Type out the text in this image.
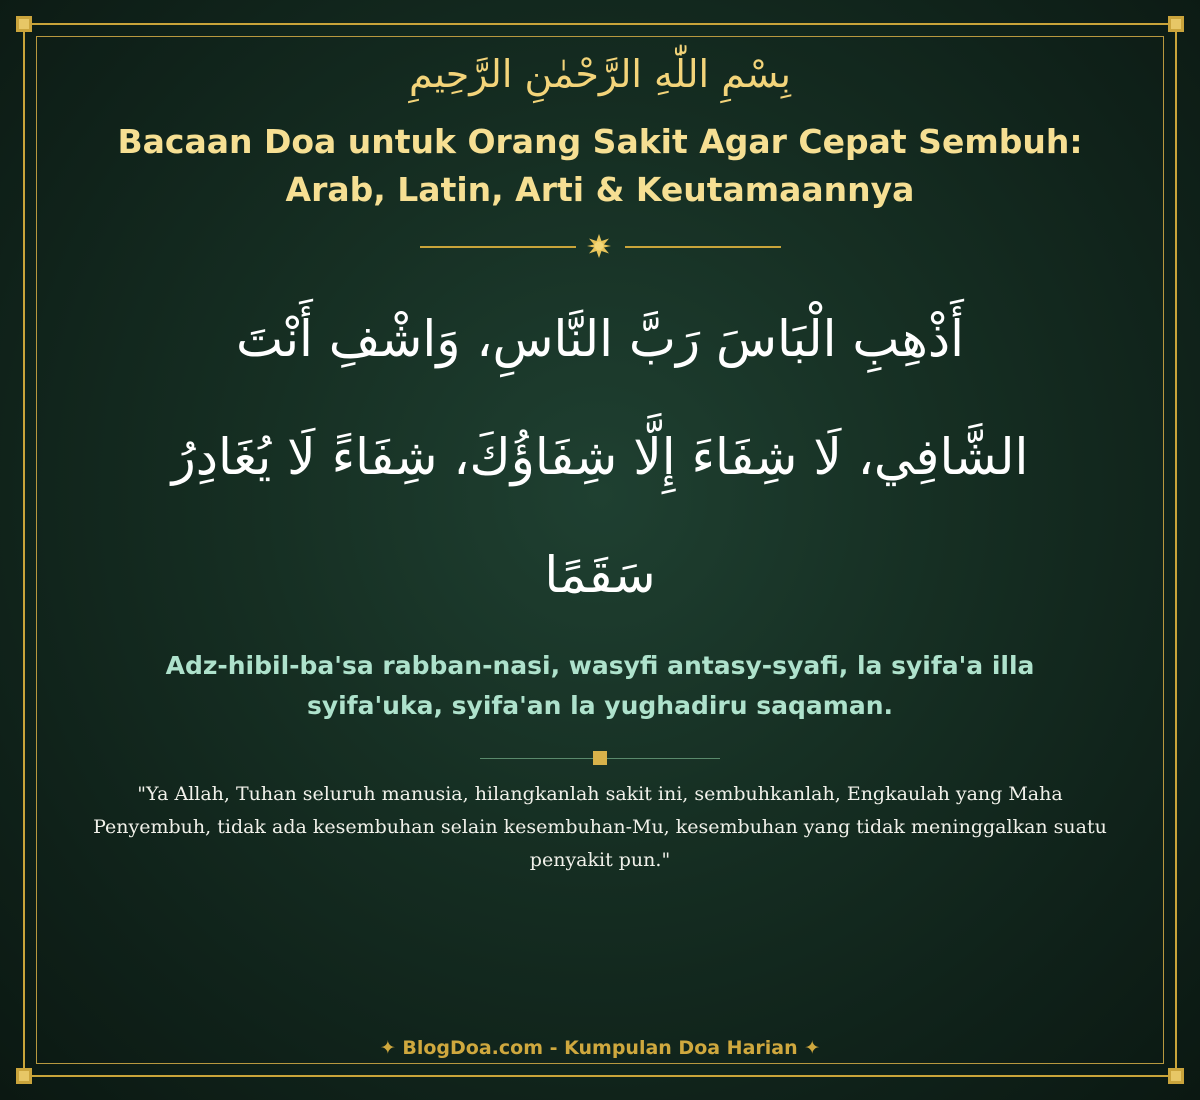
بِسْمِ اللّٰهِ الرَّحْمٰنِ الرَّحِيمِ
Bacaan Doa untuk Orang Sakit Agar Cepat Sembuh:
Arab, Latin, Arti & Keutamaannya
أَذْهِبِ الْبَاسَ رَبَّ النَّاسِ، وَاشْفِ أَنْتَ
الشَّافِي، لَا شِفَاءَ إِلَّا شِفَاؤُكَ، شِفَاءً لَا يُغَادِرُ
سَقَمًا
Adz-hibil-ba'sa rabban-nasi, wasyfi antasy-syafi, la syifa'a illa
syifa'uka, syifa'an la yughadiru saqaman.
"Ya Allah, Tuhan seluruh manusia, hilangkanlah sakit ini, sembuhkanlah, Engkaulah yang Maha
Penyembuh, tidak ada kesembuhan selain kesembuhan-Mu, kesembuhan yang tidak meninggalkan suatu
penyakit pun."
✦ BlogDoa.com - Kumpulan Doa Harian ✦
